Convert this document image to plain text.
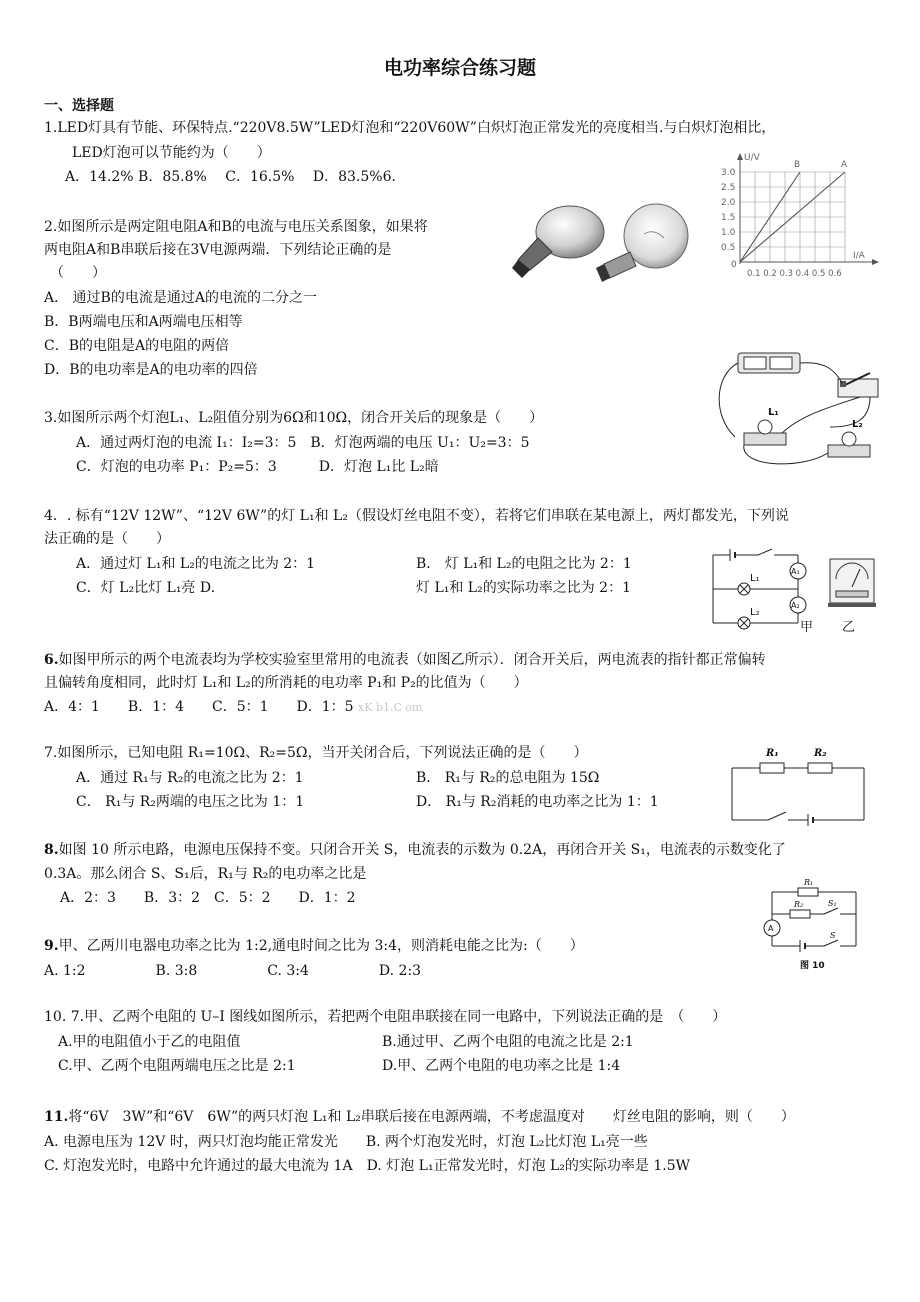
电功率综合练习题
一、选择题
1.LED灯具有节能、环保特点.“220V8.5W”LED灯泡和“220V60W”白炽灯泡正常发光的亮度相当.与白炽灯泡相比，
LED灯泡可以节能约为（　　）
A．14.2% B．85.8%　 C．16.5%　 D．83.5%6．
2.如图所示是两定阻电阻A和B的电流与电压关系图象，如果将
两电阻A和B串联后接在3V电源两端．下列结论正确的是
（　　）
A． 通过B的电流是通过A的电流的二分之一
B．B两端电压和A两端电压相等
C．B的电阻是A的电阻的两倍
D．B的电功率是A的电功率的四倍
3.如图所示两个灯泡L₁、L₂阻值分别为6Ω和10Ω，闭合开关后的现象是（　　）
A．通过两灯泡的电流 I₁：I₂=3：5　B．灯泡两端的电压 U₁：U₂=3：5
C．灯泡的电功率 P₁：P₂=5：3　　　D．灯泡 L₁比 L₂暗
4．. 标有“12V 12W”、“12V 6W”的灯 L₁和 L₂（假设灯丝电阻不变），若将它们串联在某电源上，两灯都发光，下列说
法正确的是（　　）
A．通过灯 L₁和 L₂的电流之比为 2：1	B． 灯 L₁和 L₂的电阻之比为 2：1
C．灯 L₂比灯 L₁亮 D.	灯 L₁和 L₂的实际功率之比为 2：1
6.如图甲所示的两个电流表均为学校实验室里常用的电流表（如图乙所示）．闭合开关后，两电流表的指针都正常偏转
且偏转角度相同，此时灯 L₁和 L₂的所消耗的电功率 P₁和 P₂的比值为（　　）
A．4：1　　B．1：4　　C．5：1　　D．1：5 xK b1.C om
7.如图所示，已知电阻 R₁=10Ω、R₂=5Ω，当开关闭合后，下列说法正确的是（　　）
A．通过 R₁与 R₂的电流之比为 2：1	B． R₁与 R₂的总电阻为 15Ω
C． R₁与 R₂两端的电压之比为 1：1	D． R₁与 R₂消耗的电功率之比为 1：1
8.如图 10 所示电路，电源电压保持不变。只闭合开关 S，电流表的示数为 0.2A，再闭合开关 S₁，电流表的示数变化了
0.3A。那么闭合 S、S₁后，R₁与 R₂的电功率之比是
A．2：3　　B．3：2　C．5：2　　D．1：2
9.甲、乙两川电器电功率之比为 1:2,通电时间之比为 3:4，则消耗电能之比为:（　　）
A. 1:2　　　　　B. 3:8　　　　　C. 3:4　　　　　D. 2:3
10. 7.甲、乙两个电阻的 U–I 图线如图所示，若把两个电阻串联接在同一电路中，下列说法正确的是　（　　）
A.甲的电阻值小于乙的电阻值	B.通过甲、乙两个电阻的电流之比是 2:1
C.甲、乙两个电阻两端电压之比是 2:1	D.甲、乙两个电阻的电功率之比是 1:4
11.将“6V　3W”和“6V　6W”的两只灯泡 L₁和 L₂串联后接在电源两端，不考虑温度对　　灯丝电阻的影响，则（　　）
A. 电源电压为 12V 时，两只灯泡均能正常发光　　B. 两个灯泡发光时，灯泡 L₂比灯泡 L₁亮一些
C. 灯泡发光时，电路中允许通过的最大电流为 1A　D. 灯泡 L₁正常发光时，灯泡 L₂的实际功率是 1.5W
U/V
I/A
B	A
3.0
2.5
2.0
1.5
1.0
0.5
0
0.1 0.2 0.3 0.4 0.5 0.6
L₁
L₂
L₁
L₂
A₁
A₂
甲 乙
R₁	R₂
R₁
R₂	S₁
S
A
图 10
